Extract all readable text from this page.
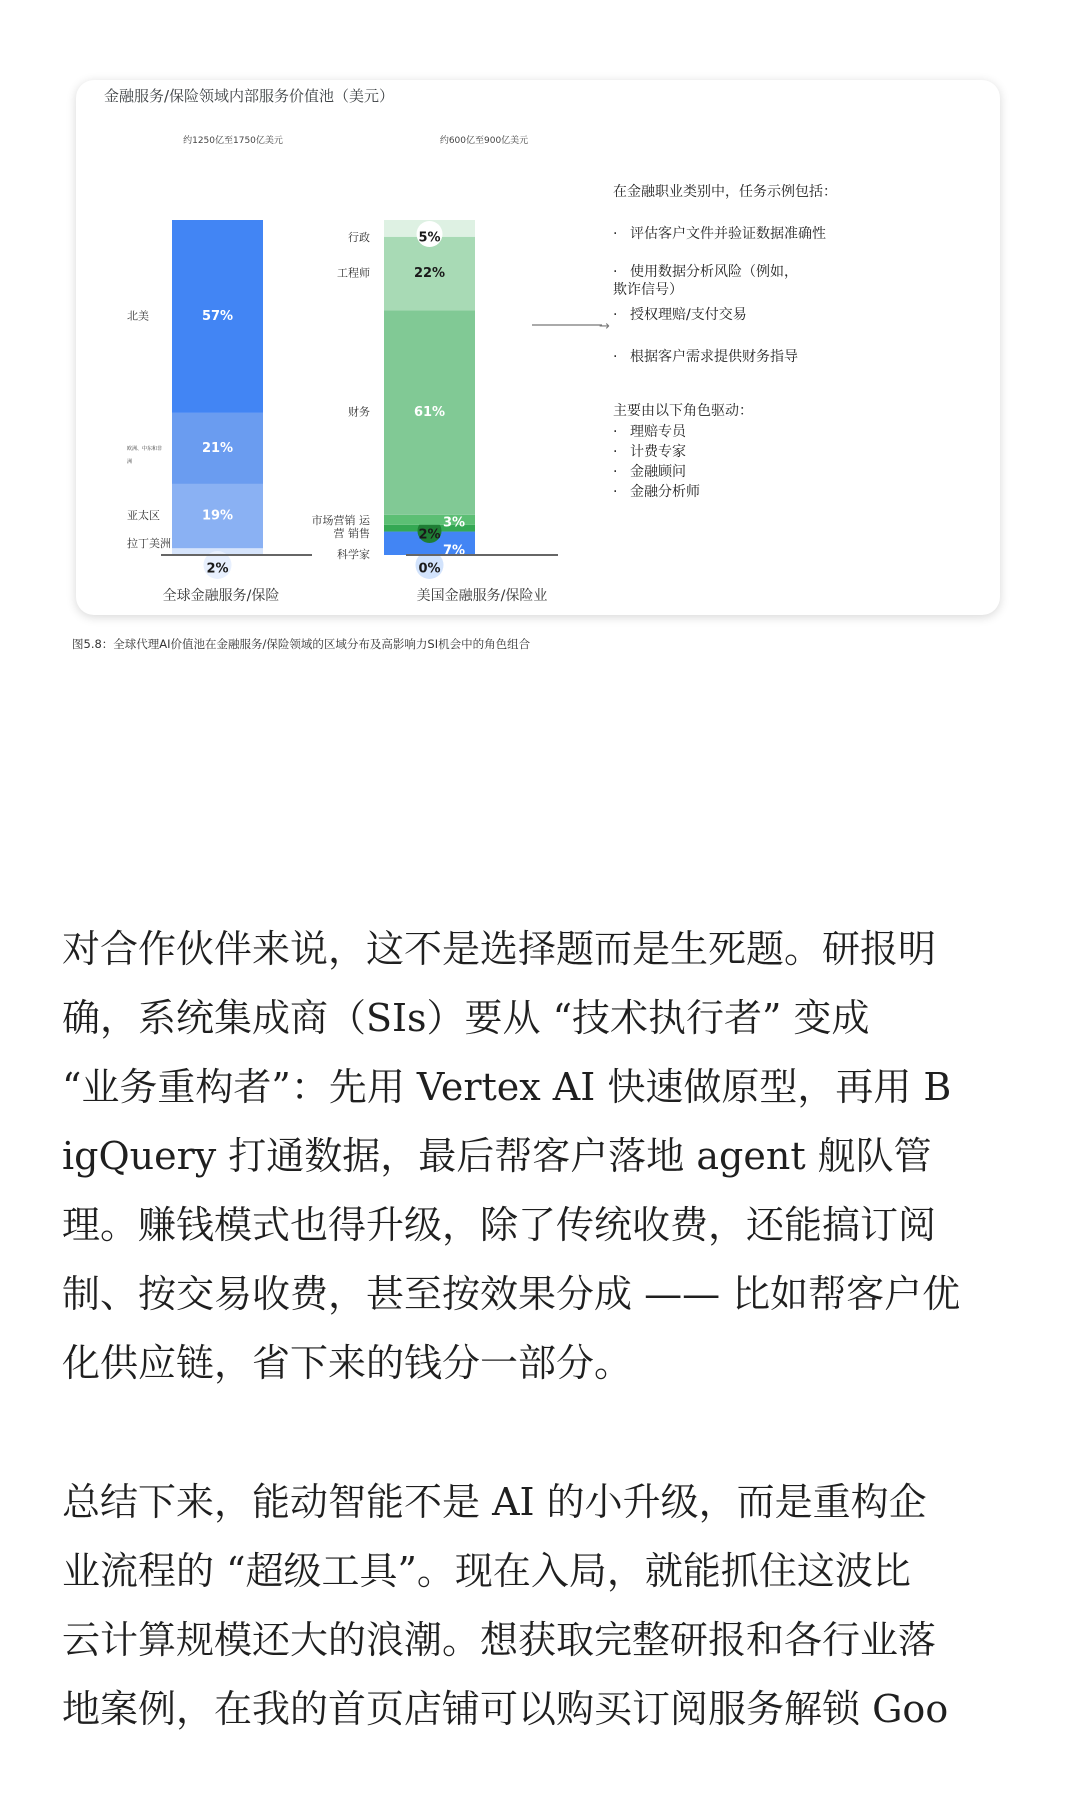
金融服务/保险领域内部服务价值池（美元）
约1250亿至1750亿美元
2%
拉丁美洲
19%
亚太区
21%
欧洲、中东和非
洲
57%
北美
全球金融服务/保险
约600亿至900亿美元
0%
科学家	7%
2%
市场营销 运
营 销售
3%
61%
财务
22%
工程师
5%
行政
美国金融服务/保险业
→
在金融职业类别中，任务示例包括：
· 评估客户文件并验证数据准确性
· 使用数据分析风险（例如，
欺诈信号）
· 授权理赔/支付交易
· 根据客户需求提供财务指导
主要由以下角色驱动：
· 理赔专员
· 计费专家
· 金融顾问
· 金融分析师
图5.8：全球代理AI价值池在金融服务/保险领域的区域分布及高影响力SI机会中的角色组合

对合作伙伴来说，这不是选择题而是生死题。研报明
确，系统集成商（SIs）要从 “技术执行者” 变成
“业务重构者”：先用 Vertex AI 快速做原型，再用 B
igQuery 打通数据，最后帮客户落地 agent 舰队管
理。赚钱模式也得升级，除了传统收费，还能搞订阅
制、按交易收费，甚至按效果分成 —— 比如帮客户优
化供应链，省下来的钱分一部分。

总结下来，能动智能不是 AI 的小升级，而是重构企
业流程的 “超级工具”。现在入局，就能抓住这波比
云计算规模还大的浪潮。想获取完整研报和各行业落
地案例，在我的首页店铺可以购买订阅服务解锁 Goo
